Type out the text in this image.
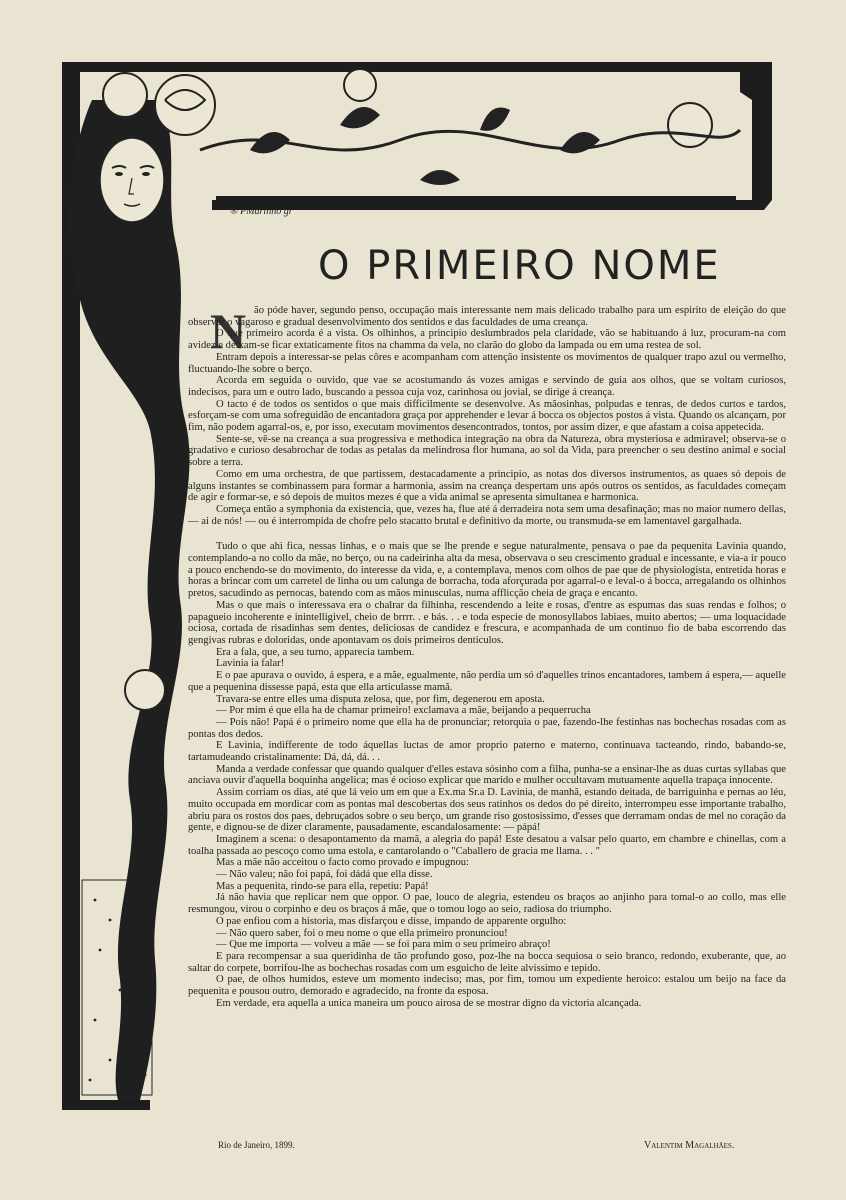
® PMarinho gr
O PRIMEIRO NOME
N ão póde haver, segundo penso, occupação mais interessante nem mais delicado trabalho para um espirito de eleição do que observar o vagaroso e gradual desenvolvimento dos sentidos e das faculdades de uma creança.

O que primeiro acorda é a vista. Os olhinhos, a principio deslumbrados pela claridade, vão se habituando á luz, procuram-na com avidez e deixam-se ficar extaticamente fitos na chamma da vela, no clarão do globo da lampada ou em uma restea de sol.

Entram depois a interessar-se pelas côres e acompanham com attenção insistente os movimentos de qualquer trapo azul ou vermelho, fluctuando-lhe sobre o berço.

Acorda em seguida o ouvido, que vae se acostumando ás vozes amigas e servindo de guia aos olhos, que se voltam curiosos, indecisos, para um e outro lado, buscando a pessoa cuja voz, carinhosa ou jovial, se dirige á creança.

O tacto é de todos os sentidos o que mais difficilmente se desenvolve. As mãosinhas, polpudas e tenras, de dedos curtos e tardos, esforçam-se com uma sofreguidão de encantadora graça por apprehender e levar á bocca os objectos postos á vista. Quando os alcançam, por fim, não podem agarral-os, e, por isso, executam movimentos desencontrados, tontos, por assim dizer, e que afastam a coisa appetecida.

Sente-se, vê-se na creança a sua progressiva e methodica integração na obra da Natureza, obra mysteriosa e admiravel; observa-se o gradativo e curioso desabrochar de todas as petalas da melindrosa flor humana, ao sol da Vida, para preencher o seu destino animal e social sobre a terra.

Como em uma orchestra, de que partissem, destacadamente a principio, as notas dos diversos instrumentos, as quaes só depois de alguns instantes se combinassem para formar a harmonia, assim na creança despertam uns após outros os sentidos, as faculdades começam de agir e formar-se, e só depois de muitos mezes é que a vida animal se apresenta simultanea e harmonica.

Começa então a symphonia da existencia, que, vezes ha, flue até á derradeira nota sem uma desafinação; mas no maior numero dellas,— ai de nós! — ou é interrompida de chofre pelo stacatto brutal e definitivo da morte, ou transmuda-se em lamentavel gargalhada.

Tudo o que ahi fica, nessas linhas, e o mais que se lhe prende e segue naturalmente, pensava o pae da pequenita Lavinia quando, contemplando-a no collo da mãe, no berço, ou na cadeirinha alta da mesa, observava o seu crescimento gradual e incessante, e via-a ir pouco a pouco enchendo-se do movimento, do interesse da vida, e, a contemplava, menos com olhos de pae que de physiologista, entretida horas e horas a brincar com um carretel de linha ou um calunga de borracha, toda aforçurada por agarral-o e leval-o á bocca, arregalando os olhinhos pretos, sacudindo as pernocas, batendo com as mãos minusculas, numa afflicção cheia de graça e encanto.

Mas o que mais o interessava era o chalrar da filhinha, rescendendo a leite e rosas, d'entre as espumas das suas rendas e folhos; o papagueio incoherente e inintelligivel, cheio de brrrr. . e bás. . . e toda especie de monosyllabos labiaes, muito abertos; — uma loquacidade ociosa, cortada de risadinhas sem dentes, deliciosas de candidez e frescura, e acompanhada de um continuo fio de baba escorrendo das gengivas rubras e doloridas, onde apontavam os dois primeiros denticulos.

Era a fala, que, a seu turno, apparecia tambem.

Lavinia ia falar!

E o pae apurava o ouvido, á espera, e a mãe, egualmente, não perdia um só d'aquelles trinos encantadores, tambem á espera,— aquelle que a pequenina dissesse papá, esta que ella articulasse mamã.

Travara-se entre elles uma disputa zelosa, que, por fim, degenerou em aposta.

— Por mim é que ella ha de chamar primeiro! exclamava a mãe, beijando a pequerrucha

— Pois não! Papá é o primeiro nome que ella ha de pronunciar; retorquia o pae, fazendo-lhe festinhas nas bochechas rosadas com as pontas dos dedos.

E Lavinia, indifferente de todo áquellas luctas de amor proprio paterno e materno, continuava tacteando, rindo, babando-se, tartamudeando cristalinamente: Dá, dá, dá. . .

Manda a verdade confessar que quando qualquer d'elles estava sósinho com a filha, punha-se a ensinar-lhe as duas curtas syllabas que anciava ouvir d'aquella boquinha angelica; mas é ocioso explicar que marido e mulher occultavam mutuamente aquella trapaça innocente.

Assim corriam os dias, até que lá veio um em que a Ex.ma Sr.a D. Lavinia, de manhã, estando deitada, de barriguinha e pernas ao léu, muito occupada em mordicar com as pontas mal descobertas dos seus ratinhos os dedos do pé direito, interrompeu esse importante trabalho, abriu para os rostos dos paes, debruçados sobre o seu berço, um grande riso gostosissimo, d'esses que derramam ondas de mel no coração da gente, e dignou-se de dizer claramente, pausadamente, escandalosamente: — pápá!

Imaginem a scena: o desapontamento da mamã, a alegria do papá! Este desatou a valsar pelo quarto, em chambre e chinellas, com a toalha passada ao pescoço como uma estola, e cantarolando o "Caballero de gracia me llama. . . "

Mas a mãe não acceitou o facto como provado e impugnou:

— Não valeu; não foi papá, foi dádá que ella disse.

Mas a pequenita, rindo-se para ella, repetiu: Papá!

Já não havia que replicar nem que oppor. O pae, louco de alegria, estendeu os braços ao anjinho para tomal-o ao collo, mas elle resmungou, virou o corpinho e deu os braços á mãe, que o tomou logo ao seio, radiosa do triumpho.

O pae enfiou com a historia, mas disfarçou e disse, impando de apparente orgulho:

— Não quero saber, foi o meu nome o que ella primeiro pronunciou!

— Que me importa — volveu a mãe — se foi para mim o seu primeiro abraço!

E para recompensar a sua queridinha de tão profundo goso, poz-lhe na bocca sequiosa o seio branco, redondo, exuberante, que, ao saltar do corpete, borrifou-lhe as bochechas rosadas com um esguicho de leite alvissimo e tepido.

O pae, de olhos humidos, esteve um momento indeciso; mas, por fim, tomou um expediente heroico: estalou um beijo na face da pequenita e pousou outro, demorado e agradecido, na fronte da esposa.

Em verdade, era aquella a unica maneira um pouco airosa de se mostrar digno da victoria alcançada.

Rio de Janeiro, 1899.	Valentim Magalhães.
